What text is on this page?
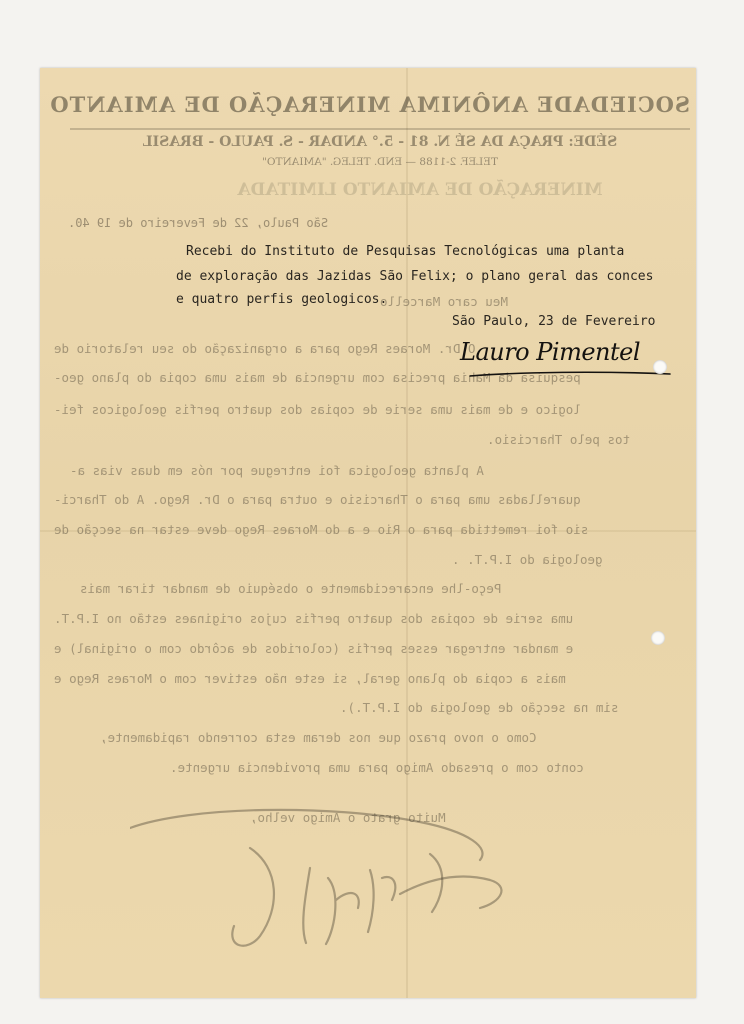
SOCIEDADE ANÔNIMA MINERAÇÃO DE AMIANTO
SÉDE: PRAÇA DA SÉ N. 81 - 5.° ANDAR - S. PAULO - BRASIL
TELEF. 2-1188 — END. TELEG. "AMIANTO"
MINERAÇÃO DE AMIANTO LIMITADA
São Paulo, 22 de Fevereiro de 19 40.
Meu caro Marcello
O Dr. Moraes Rego para a organização do seu relatorio de
pesquisa da Mahia precisa com urgencia de mais uma copia do plano geo-
logico e de mais uma serie de copias dos quatro perfis geologicos fei-
tos pelo Tharcisio.
A planta geologica foi entregue por nós em duas vias a-
quarelladas uma para o Tharcisio e outra para o Dr. Rego. A do Tharci-
sio foi remettida para o Rio e a do Moraes Rego deve estar na secção de
geologia do I.P.T. .
Peço-lhe encarecidamente o obséquio de mandar tirar mais
uma serie de copias dos quatro perfis cujos originaes estão no I.P.T.
e mandar entregar esses perfis (coloridos de acôrdo com o original) e
mais a copia do plano geral, si este não estiver com o Moraes Rego e
sim na secção de geologia do I.P.T.).
Como o novo prazo que nos deram esta correndo rapidamente,
conto com o presado Amigo para uma providencia urgente.
Muito grato o Amigo velho,
Recebi do Instituto de Pesquisas Tecnológicas uma planta
de exploração das Jazidas São Felix; o plano geral das conces
e quatro perfis geologicos.
São Paulo, 23 de Fevereiro
Lauro Pimentel
